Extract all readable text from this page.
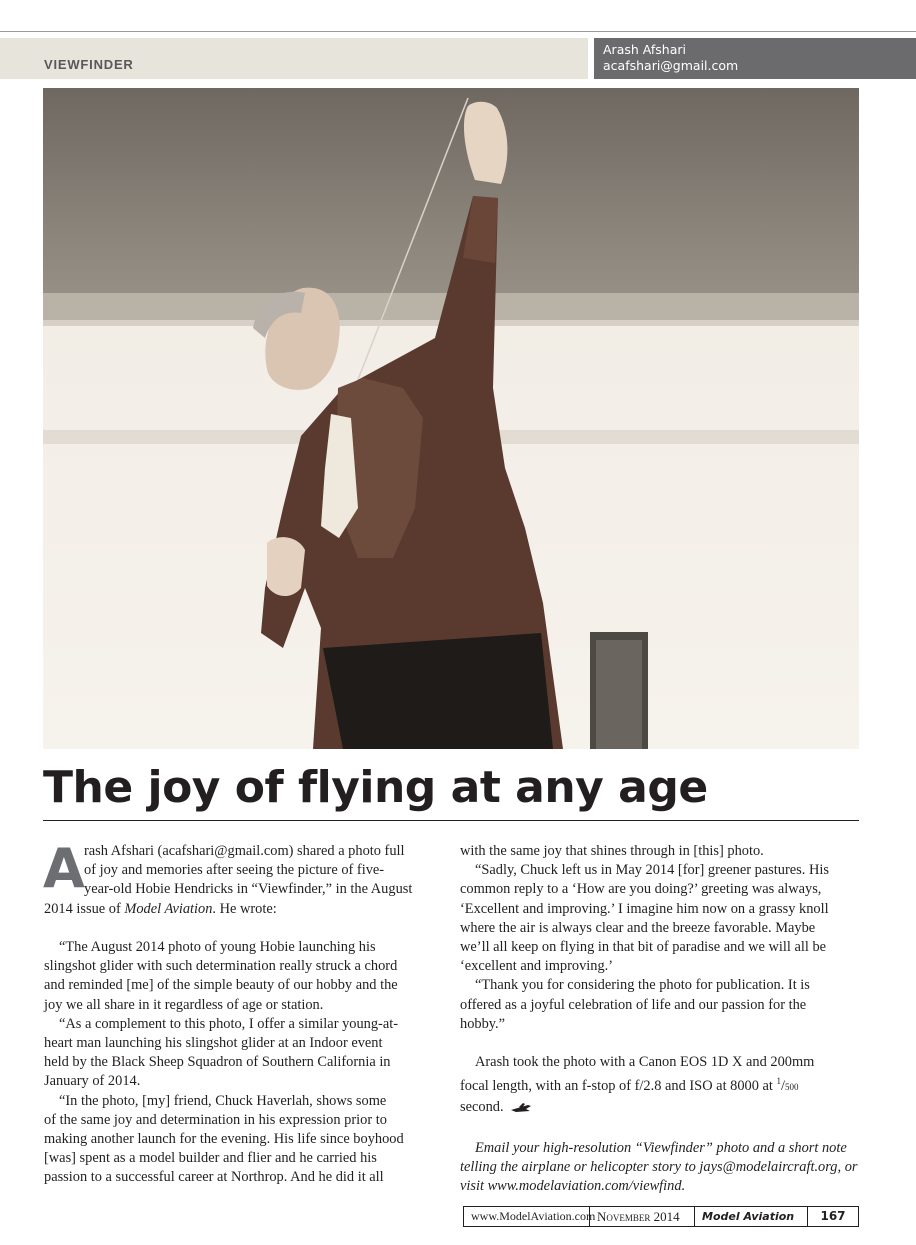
VIEWFINDER
Arash Afshari
acafshari@gmail.com
The joy of flying at any age
A rash Afshari (acafshari@gmail.com) shared a photo full

of joy and memories after seeing the picture of five-

year-old Hobie Hendricks in “Viewfinder,” in the August

2014 issue of Model Aviation. He wrote:

“The August 2014 photo of young Hobie launching his

slingshot glider with such determination really struck a chord

and reminded [me] of the simple beauty of our hobby and the

joy we all share in it regardless of age or station.

“As a complement to this photo, I offer a similar young-at-

heart man launching his slingshot glider at an Indoor event

held by the Black Sheep Squadron of Southern California in

January of 2014.

“In the photo, [my] friend, Chuck Haverlah, shows some

of the same joy and determination in his expression prior to

making another launch for the evening. His life since boyhood

[was] spent as a model builder and flier and he carried his

passion to a successful career at Northrop. And he did it all

with the same joy that shines through in [this] photo.

“Sadly, Chuck left us in May 2014 [for] greener pastures. His

common reply to a ‘How are you doing?’ greeting was always,

‘Excellent and improving.’ I imagine him now on a grassy knoll

where the air is always clear and the breeze favorable. Maybe

we’ll all keep on flying in that bit of paradise and we will all be

‘excellent and improving.’

“Thank you for considering the photo for publication. It is

offered as a joyful celebration of life and our passion for the

hobby.”

Arash took the photo with a Canon EOS 1D X and 200mm

focal length, with an f-stop of f/2.8 and ISO at 8000 at $^1$/500

second.

Email your high-resolution “Viewfinder” photo and a short note

telling the airplane or helicopter story to jays@modelaircraft.org, or

visit www.modelaviation.com/viewfind.

www.ModelAviation.com November 2014	Model Aviation	167
